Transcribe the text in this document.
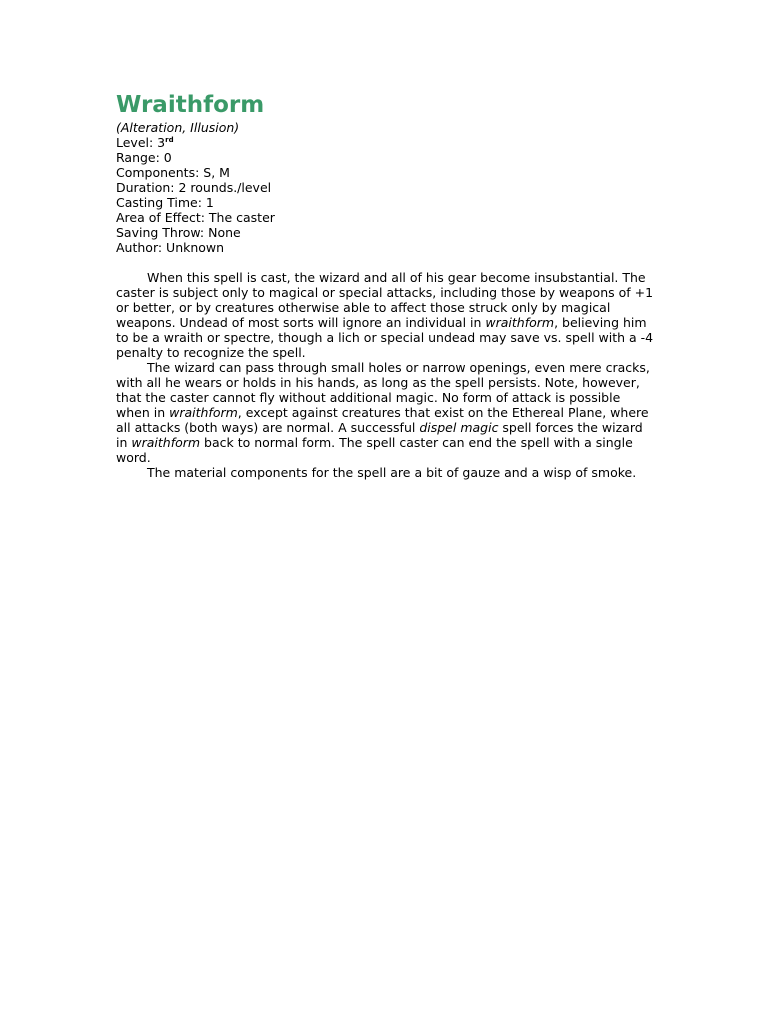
Wraithform

(Alteration, Illusion)

Level: 3rd

Range: 0

Components: S, M

Duration: 2 rounds./level

Casting Time: 1

Area of Effect: The caster

Saving Throw: None

Author: Unknown

When this spell is cast, the wizard and all of his gear become insubstantial. The caster is subject only to magical or special attacks, including those by weapons of +1 or better, or by creatures otherwise able to affect those struck only by magical weapons. Undead of most sorts will ignore an individual in wraithform, believing him to be a wraith or spectre, though a lich or special undead may save vs. spell with a -4 penalty to recognize the spell.

The wizard can pass through small holes or narrow openings, even mere cracks, with all he wears or holds in his hands, as long as the spell persists. Note, however, that the caster cannot fly without additional magic. No form of attack is possible when in wraithform, except against creatures that exist on the Ethereal Plane, where all attacks (both ways) are normal. A successful dispel magic spell forces the wizard in wraithform back to normal form. The spell caster can end the spell with a single word.

The material components for the spell are a bit of gauze and a wisp of smoke.
